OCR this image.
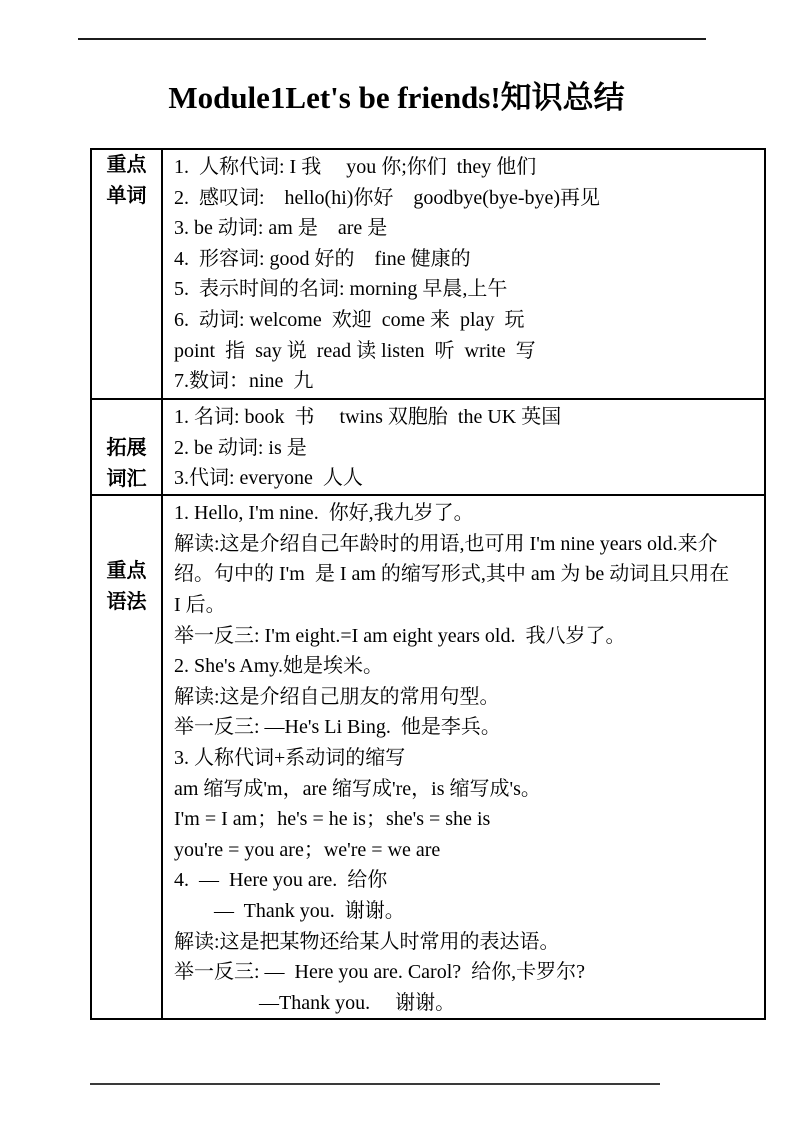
Module1Let's be friends!知识总结
重点
单词

1.  人称代词: I 我　 you 你;你们  they 他们
2.  感叹词:　hello(hi)你好　goodbye(bye-bye)再见
3. be 动词: am 是　are 是
4.  形容词: good 好的　fine 健康的
5.  表示时间的名词: morning 早晨,上午
6.  动词: welcome  欢迎  come 来  play  玩
point  指  say 说  read 读 listen  听  write  写
7.数词：nine  九

拓展
词汇

1. 名词: book  书　 twins 双胞胎  the UK 英国
2. be 动词: is 是
3.代词: everyone  人人

重点
语法

1. Hello, I'm nine.  你好,我九岁了。
解读:这是介绍自己年龄时的用语,也可用 I'm nine years old.来介
绍。句中的 I'm  是 I am 的缩写形式,其中 am 为 be 动词且只用在
I 后。
举一反三: I'm eight.=I am eight years old.  我八岁了。
2. She's Amy.她是埃米。
解读:这是介绍自己朋友的常用句型。
举一反三: —He's Li Bing.  他是李兵。
3. 人称代词+系动词的缩写
am 缩写成'm，are 缩写成're，is 缩写成's。
I'm = I am；he's = he is；she's = she is
you're = you are；we're = we are
4.  —  Here you are.  给你
　　—  Thank you.  谢谢。
解读:这是把某物还给某人时常用的表达语。
举一反三: —  Here you are. Carol?  给你,卡罗尔?
　　　　 —Thank you.　 谢谢。
